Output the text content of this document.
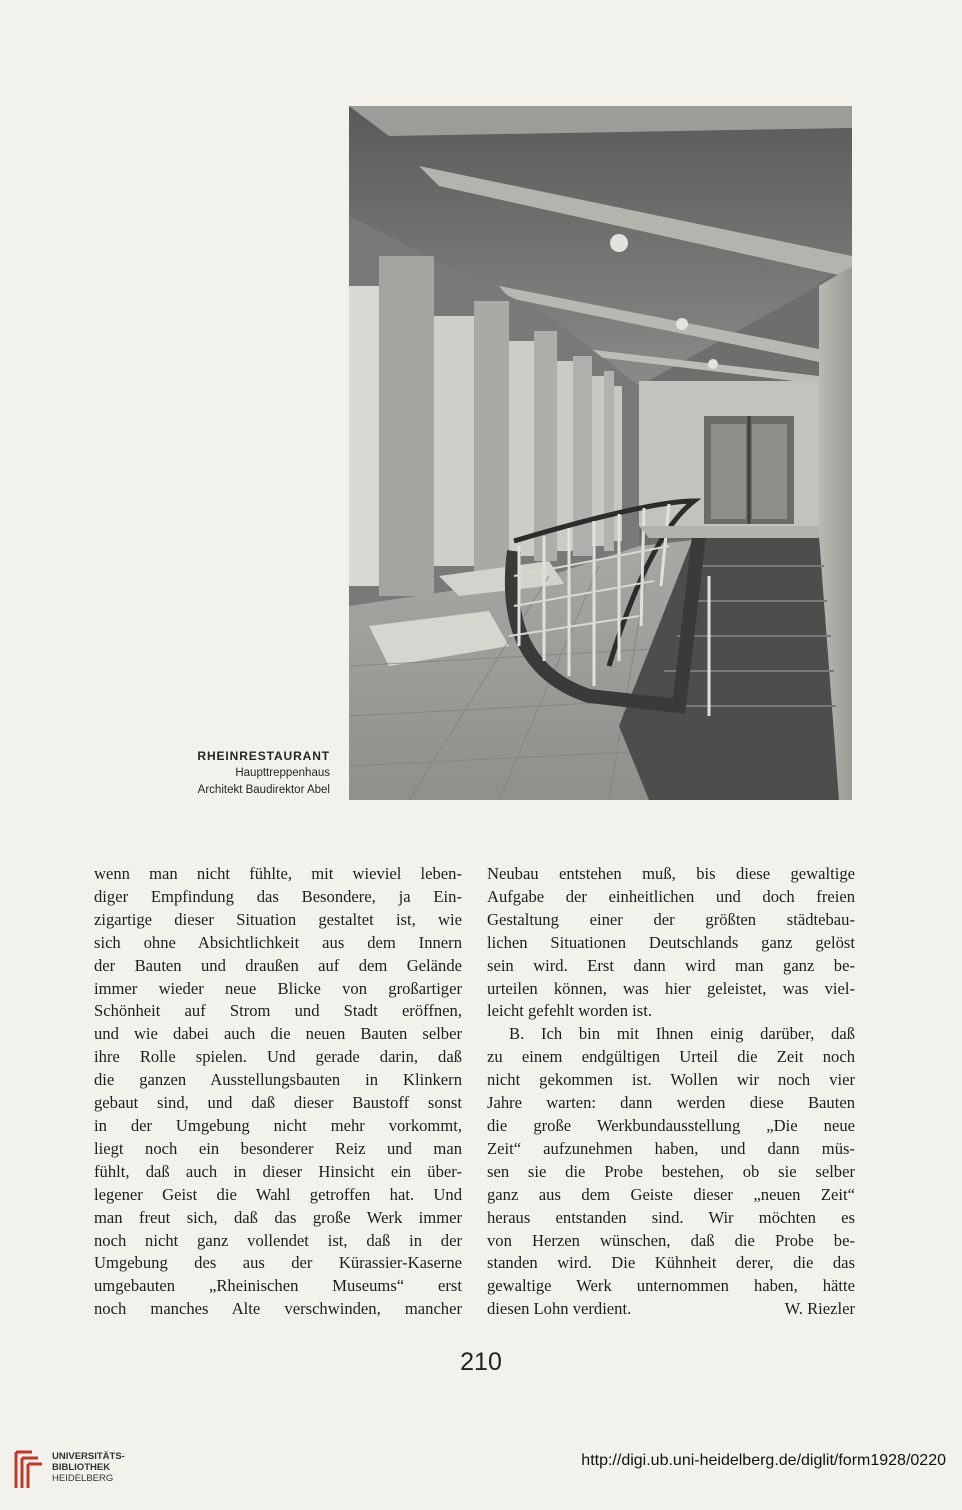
RHEINRESTAURANT
Haupttreppenhaus
Architekt Baudirektor Abel
wenn man nicht fühlte, mit wieviel leben-
diger Empfindung das Besondere, ja Ein-
zigartige dieser Situation gestaltet ist, wie
sich ohne Absichtlichkeit aus dem Innern
der Bauten und draußen auf dem Gelände
immer wieder neue Blicke von großartiger
Schönheit auf Strom und Stadt eröffnen,
und wie dabei auch die neuen Bauten selber
ihre Rolle spielen. Und gerade darin, daß
die ganzen Ausstellungsbauten in Klinkern
gebaut sind, und daß dieser Baustoff sonst
in der Umgebung nicht mehr vorkommt,
liegt noch ein besonderer Reiz und man
fühlt, daß auch in dieser Hinsicht ein über-
legener Geist die Wahl getroffen hat. Und
man freut sich, daß das große Werk immer
noch nicht ganz vollendet ist, daß in der
Umgebung des aus der Kürassier-Kaserne
umgebauten „Rheinischen Museums“ erst
noch manches Alte verschwinden, mancher
Neubau entstehen muß, bis diese gewaltige
Aufgabe der einheitlichen und doch freien
Gestaltung einer der größten städtebau-
lichen Situationen Deutschlands ganz gelöst
sein wird. Erst dann wird man ganz be-
urteilen können, was hier geleistet, was viel-
leicht gefehlt worden ist.
B. Ich bin mit Ihnen einig darüber, daß
zu einem endgültigen Urteil die Zeit noch
nicht gekommen ist. Wollen wir noch vier
Jahre warten: dann werden diese Bauten
die große Werkbundausstellung „Die neue
Zeit“ aufzunehmen haben, und dann müs-
sen sie die Probe bestehen, ob sie selber
ganz aus dem Geiste dieser „neuen Zeit“
heraus entstanden sind. Wir möchten es
von Herzen wünschen, daß die Probe be-
standen wird. Die Kühnheit derer, die das
gewaltige Werk unternommen haben, hätte
diesen Lohn verdient.	W. Riezler
210
UNIVERSITÄTS-
BIBLIOTHEK
HEIDELBERG
http://digi.ub.uni-heidelberg.de/diglit/form1928/0220
